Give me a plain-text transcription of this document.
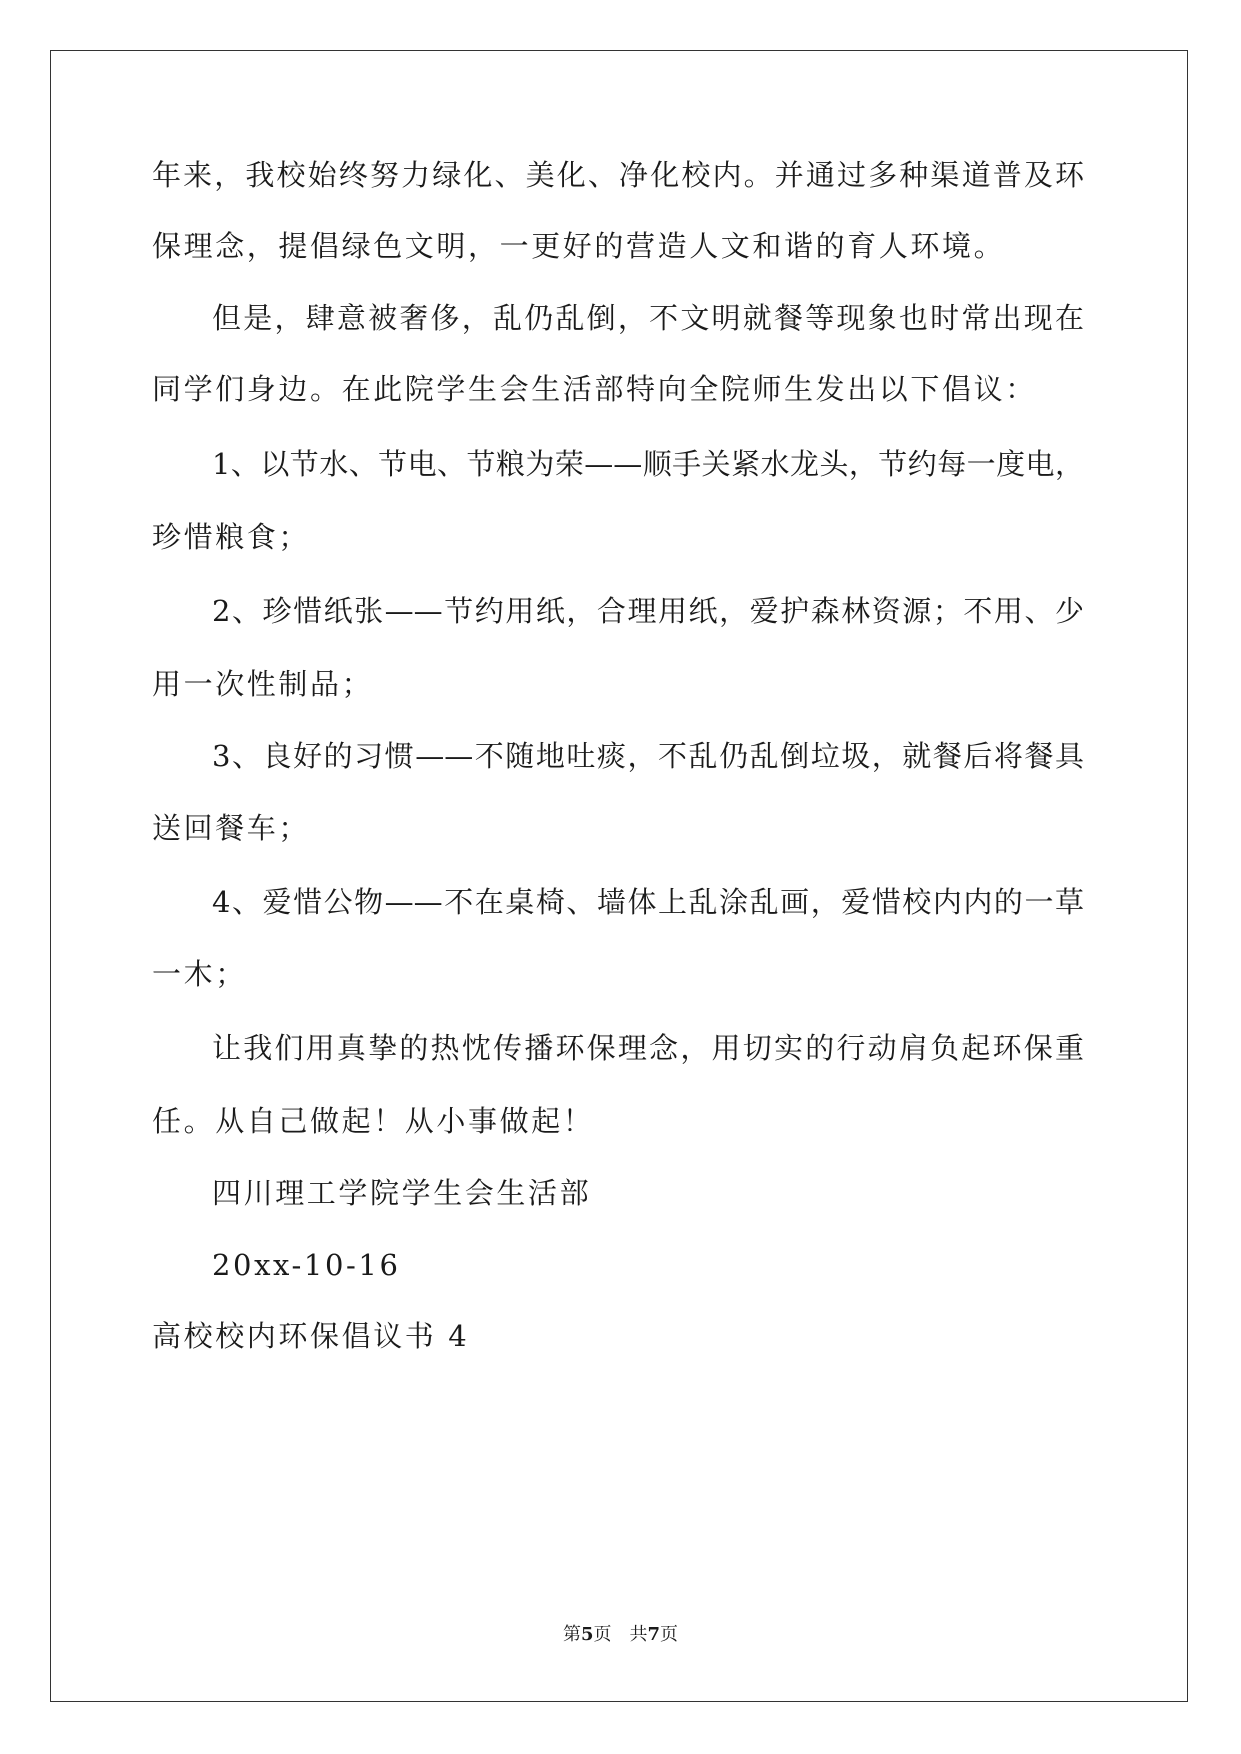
年来，我校始终努力绿化、美化、净化校内。并通过多种渠道普及环
保理念，提倡绿色文明，一更好的营造人文和谐的育人环境。
但是，肆意被奢侈，乱仍乱倒，不文明就餐等现象也时常出现在
同学们身边。在此院学生会生活部特向全院师生发出以下倡议：
1、以节水、节电、节粮为荣——顺手关紧水龙头，节约每一度电，
珍惜粮食；
2、珍惜纸张——节约用纸，合理用纸，爱护森林资源；不用、少
用一次性制品；
3、良好的习惯——不随地吐痰，不乱仍乱倒垃圾，就餐后将餐具
送回餐车；
4、爱惜公物——不在桌椅、墙体上乱涂乱画，爱惜校内内的一草
一木；
让我们用真挚的热忱传播环保理念，用切实的行动肩负起环保重
任。从自己做起！从小事做起！
四川理工学院学生会生活部
20xx-10-16
高校校内环保倡议书 4
第5页　共7页
